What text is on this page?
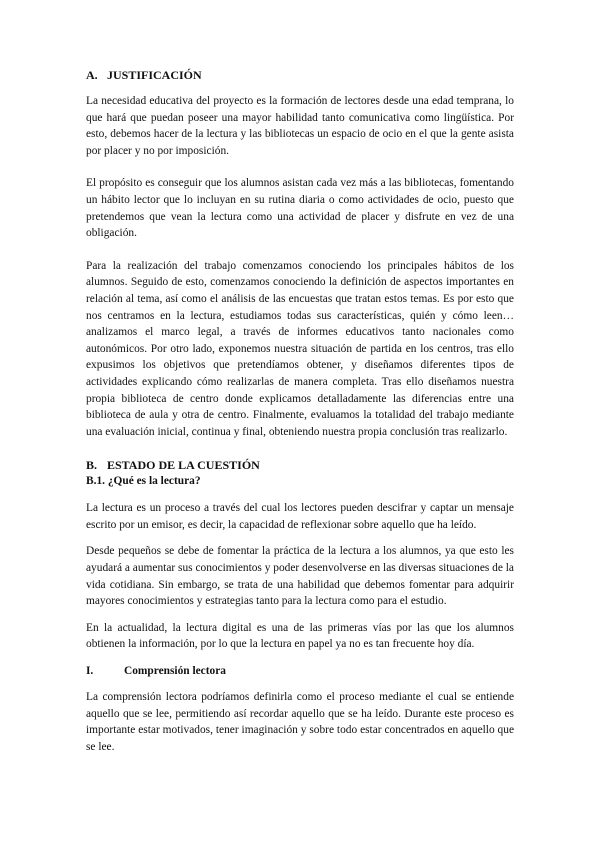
A. JUSTIFICACIÓN

La necesidad educativa del proyecto es la formación de lectores desde una edad temprana, lo que hará que puedan poseer una mayor habilidad tanto comunicativa como lingüística. Por esto, debemos hacer de la lectura y las bibliotecas un espacio de ocio en el que la gente asista por placer y no por imposición.

El propósito es conseguir que los alumnos asistan cada vez más a las bibliotecas, fomentando un hábito lector que lo incluyan en su rutina diaria o como actividades de ocio, puesto que pretendemos que vean la lectura como una actividad de placer y disfrute en vez de una obligación.

Para la realización del trabajo comenzamos conociendo los principales hábitos de los alumnos. Seguido de esto, comenzamos conociendo la definición de aspectos importantes en relación al tema, así como el análisis de las encuestas que tratan estos temas. Es por esto que nos centramos en la lectura, estudiamos todas sus características, quién y cómo leen… analizamos el marco legal, a través de informes educativos tanto nacionales como autonómicos. Por otro lado, exponemos nuestra situación de partida en los centros, tras ello expusimos los objetivos que pretendíamos obtener, y diseñamos diferentes tipos de actividades explicando cómo realizarlas de manera completa. Tras ello diseñamos nuestra propia biblioteca de centro donde explicamos detalladamente las diferencias entre una biblioteca de aula y otra de centro. Finalmente, evaluamos la totalidad del trabajo mediante una evaluación inicial, continua y final, obteniendo nuestra propia conclusión tras realizarlo.

B. ESTADO DE LA CUESTIÓN
B.1. ¿Qué es la lectura?

La lectura es un proceso a través del cual los lectores pueden descifrar y captar un mensaje escrito por un emisor, es decir, la capacidad de reflexionar sobre aquello que ha leído.

Desde pequeños se debe de fomentar la práctica de la lectura a los alumnos, ya que esto les ayudará a aumentar sus conocimientos y poder desenvolverse en las diversas situaciones de la vida cotidiana. Sin embargo, se trata de una habilidad que debemos fomentar para adquirir mayores conocimientos y estrategias tanto para la lectura como para el estudio.

En la actualidad, la lectura digital es una de las primeras vías por las que los alumnos obtienen la información, por lo que la lectura en papel ya no es tan frecuente hoy día.

I.	Comprensión lectora

La comprensión lectora podríamos definirla como el proceso mediante el cual se entiende aquello que se lee, permitiendo así recordar aquello que se ha leído. Durante este proceso es importante estar motivados, tener imaginación y sobre todo estar concentrados en aquello que se lee.
